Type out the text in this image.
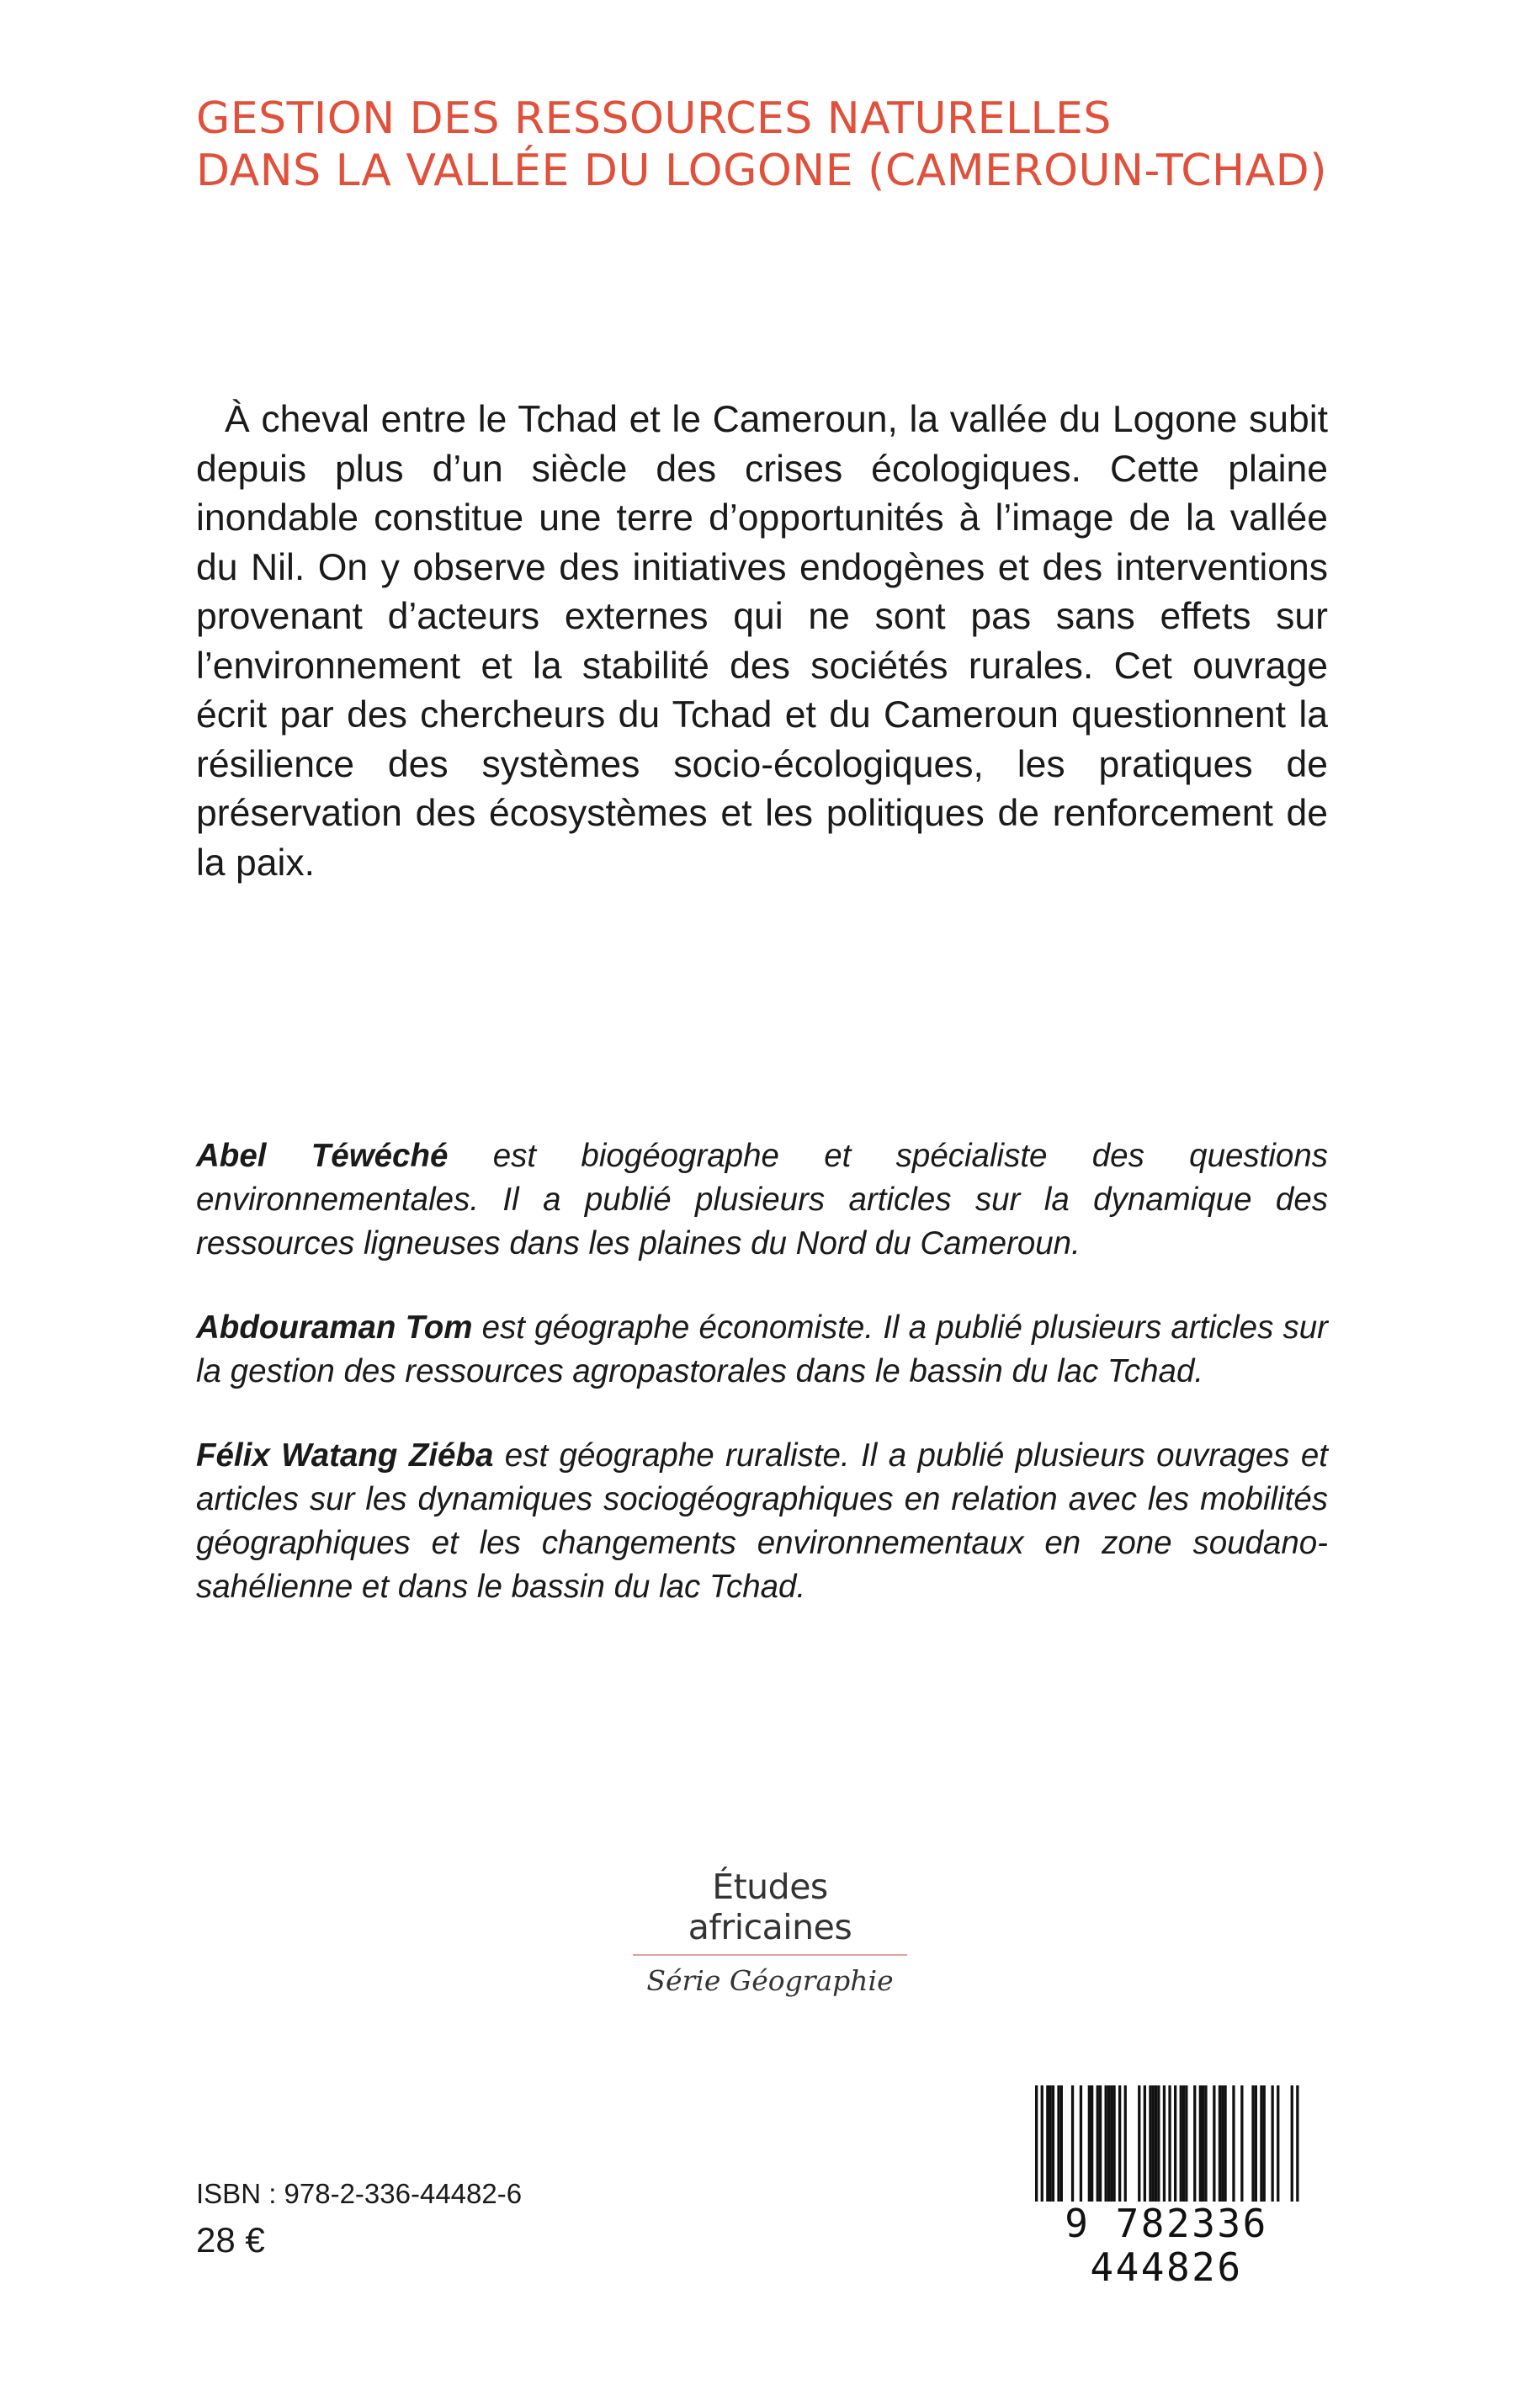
GESTION DES RESSOURCES NATURELLES
DANS LA VALLÉE DU LOGONE (CAMEROUN-TCHAD)

À cheval entre le Tchad et le Cameroun, la vallée du Logone subit depuis plus d’un siècle des crises écologiques. Cette plaine inondable constitue une terre d’opportunités à l’image de la vallée du Nil. On y observe des initiatives endogènes et des interventions provenant d’acteurs externes qui ne sont pas sans effets sur l’environnement et la stabilité des sociétés rurales. Cet ouvrage écrit par des chercheurs du Tchad et du Cameroun questionnent la résilience des systèmes socio-écologiques, les pratiques de préservation des écosystèmes et les politiques de renforcement de la paix.

Abel Téwéché est biogéographe et spécialiste des questions environnementales. Il a publié plusieurs articles sur la dynamique des ressources ligneuses dans les plaines du Nord du Cameroun.

Abdouraman Tom est géographe économiste. Il a publié plusieurs articles sur la gestion des ressources agropastorales dans le bassin du lac Tchad.

Félix Watang Ziéba est géographe ruraliste. Il a publié plusieurs ouvrages et articles sur les dynamiques sociogéographiques en relation avec les mobilités géographiques et les changements environnementaux en zone soudano-sahélienne et dans le bassin du lac Tchad.

Études africaines
Série Géographie
ISBN : 978-2-336-44482-6
28 €	9 782336 444826
